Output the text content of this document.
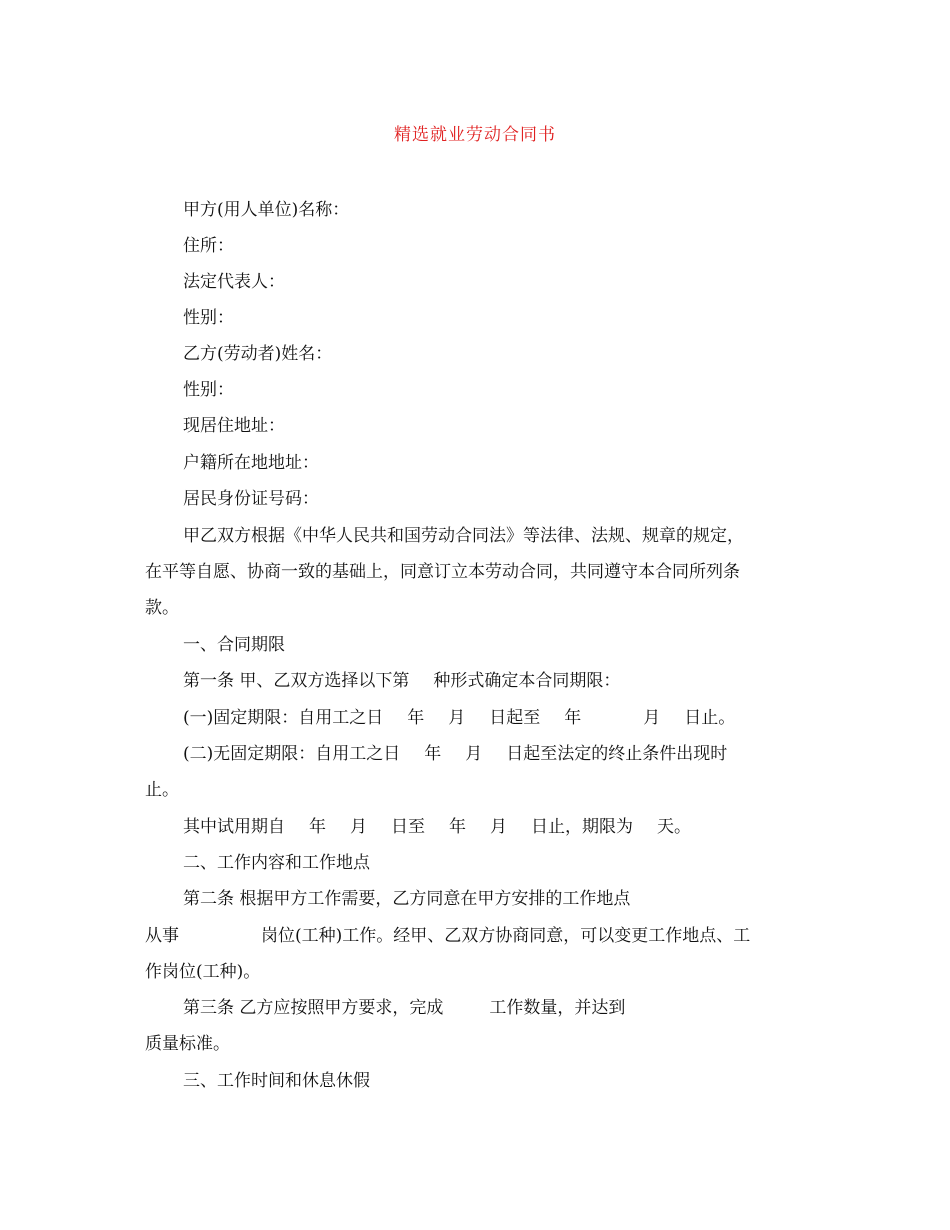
精选就业劳动合同书
甲方(用人单位)名称：
住所：
法定代表人：
性别：
乙方(劳动者)姓名：
性别：
现居住地址：
户籍所在地地址：
居民身份证号码：
甲乙双方根据《中华人民共和国劳动合同法》等法律、法规、规章的规定，
在平等自愿、协商一致的基础上，同意订立本劳动合同，共同遵守本合同所列条
款。
一、合同期限
第一条 甲、乙双方选择以下第 种形式确定本合同期限：
(一)固定期限：自用工之日 年 月 日起至 年	月 日止。
(二)无固定期限：自用工之日 年 月 日起至法定的终止条件出现时
止。
其中试用期自 年 月 日至 年 月 日止，期限为 天。
二、工作内容和工作地点
第二条 根据甲方工作需要，乙方同意在甲方安排的工作地点
从事	岗位(工种)工作。经甲、乙双方协商同意，可以变更工作地点、工
作岗位(工种)。
第三条 乙方应按照甲方要求，完成	工作数量，并达到
质量标准。
三、工作时间和休息休假
